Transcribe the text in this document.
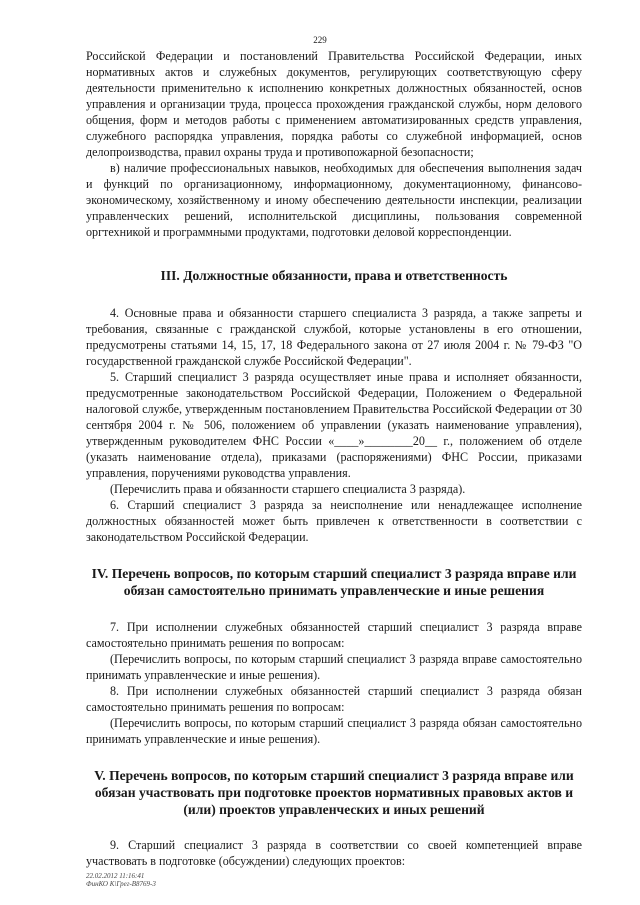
229

Российской Федерации и постановлений Правительства Российской Федерации, иных нормативных актов и служебных документов, регулирующих соответствующую сферу деятельности применительно к исполнению конкретных должностных обязанностей, основ управления и организации труда, процесса прохождения гражданской службы, норм делового общения, форм и методов работы с применением автоматизированных средств управления, служебного распорядка управления, порядка работы со служебной информацией, основ делопроизводства, правил охраны труда и противопожарной безопасности;

в) наличие профессиональных навыков, необходимых для обеспечения выполнения задач и функций по организационному, информационному, документационному, финансово-экономическому, хозяйственному и иному обеспечению деятельности инспекции, реализации управленческих решений, исполнительской дисциплины, пользования современной оргтехникой и программными продуктами, подготовки деловой корреспонденции.

III. Должностные обязанности, права и ответственность

4. Основные права и обязанности старшего специалиста 3 разряда, а также запреты и требования, связанные с гражданской службой, которые установлены в его отношении, предусмотрены статьями 14, 15, 17, 18 Федерального закона от 27 июля 2004 г. № 79-ФЗ "О государственной гражданской службе Российской Федерации".

5. Старший специалист 3 разряда осуществляет иные права и исполняет обязанности, предусмотренные законодательством Российской Федерации, Положением о Федеральной налоговой службе, утвержденным постановлением Правительства Российской Федерации от 30 сентября 2004 г. № 506, положением об управлении (указать наименование управления), утвержденным руководителем ФНС России «____»________20__ г., положением об отделе (указать наименование отдела), приказами (распоряжениями) ФНС России, приказами управления, поручениями руководства управления.

(Перечислить права и обязанности старшего специалиста 3 разряда).

6. Старший специалист 3 разряда за неисполнение или ненадлежащее исполнение должностных обязанностей может быть привлечен к ответственности в соответствии с законодательством Российской Федерации.

IV. Перечень вопросов, по которым старший специалист 3 разряда вправе или обязан самостоятельно принимать управленческие и иные решения

7. При исполнении служебных обязанностей старший специалист 3 разряда вправе самостоятельно принимать решения по вопросам:

(Перечислить вопросы, по которым старший специалист 3 разряда вправе самостоятельно принимать управленческие и иные решения).

8. При исполнении служебных обязанностей старший специалист 3 разряда обязан самостоятельно принимать решения по вопросам:

(Перечислить вопросы, по которым старший специалист 3 разряда обязан самостоятельно принимать управленческие и иные решения).

V. Перечень вопросов, по которым старший специалист 3 разряда вправе или обязан участвовать при подготовке проектов нормативных правовых актов и (или) проектов управленческих и иных решений

9. Старший специалист 3 разряда в соответствии со своей компетенцией вправе участвовать в подготовке (обсуждении) следующих проектов:

22.02.2012 11:16:41
ФинКО К\Грег-В8769-3
